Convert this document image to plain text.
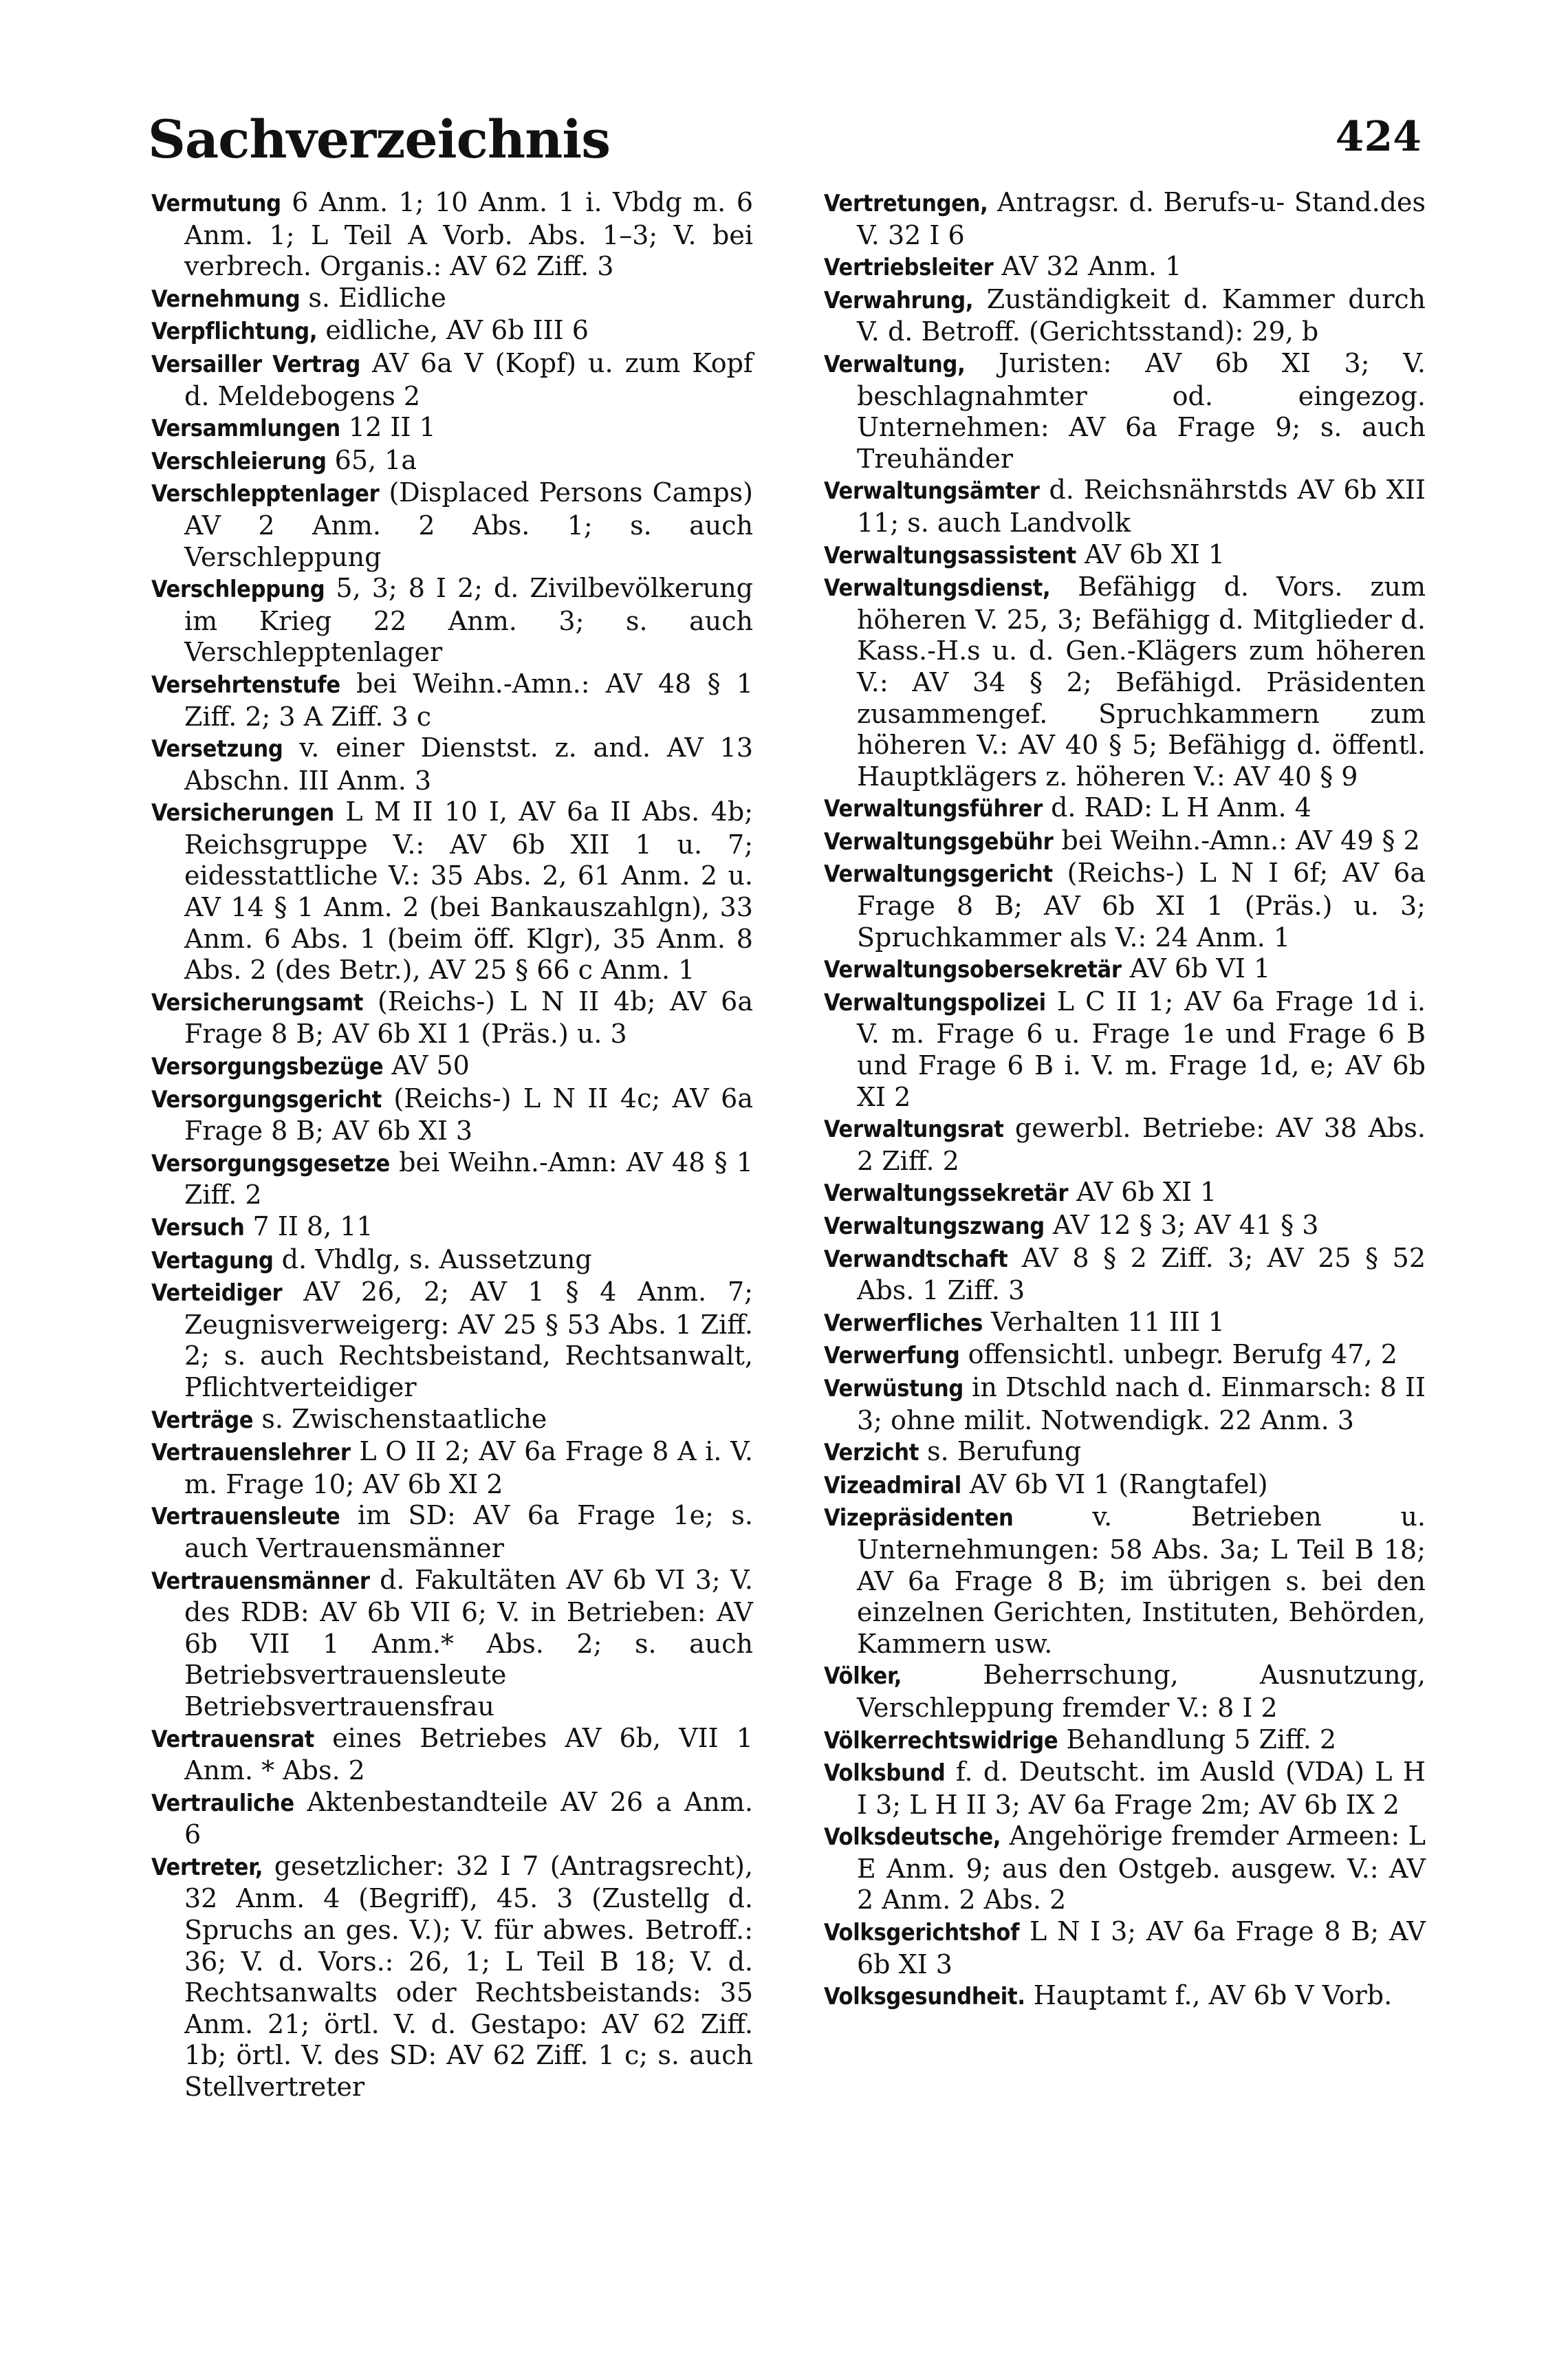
Sachverzeichnis	424

Vermutung 6 Anm. 1; 10 Anm. 1 i. Vbdg m. 6 Anm. 1; L Teil A Vorb. Abs. 1–3; V. bei verbrech. Organis.: AV 62 Ziff. 3

Vernehmung s. Eidliche

Verpflichtung, eidliche, AV 6b III 6

Versailler Vertrag AV 6a V (Kopf) u. zum Kopf d. Meldebogens 2

Versammlungen 12 II 1

Verschleierung 65, 1a

Verschlepptenlager (Displaced Persons Camps) AV 2 Anm. 2 Abs. 1; s. auch Verschleppung

Verschleppung 5, 3; 8 I 2; d. Zivilbevölkerung im Krieg 22 Anm. 3; s. auch Verschlepptenlager

Versehrtenstufe bei Weihn.-Amn.: AV 48 § 1 Ziff. 2; 3 A Ziff. 3 c

Versetzung v. einer Dienstst. z. and. AV 13 Abschn. III Anm. 3

Versicherungen L M II 10 I, AV 6a II Abs. 4b; Reichsgruppe V.: AV 6b XII 1 u. 7; eidesstattliche V.: 35 Abs. 2, 61 Anm. 2 u. AV 14 § 1 Anm. 2 (bei Bankauszahlgn), 33 Anm. 6 Abs. 1 (beim öff. Klgr), 35 Anm. 8 Abs. 2 (des Betr.), AV 25 § 66 c Anm. 1

Versicherungsamt (Reichs-) L N II 4b; AV 6a Frage 8 B; AV 6b XI 1 (Präs.) u. 3

Versorgungsbezüge AV 50

Versorgungsgericht (Reichs-) L N II 4c; AV 6a Frage 8 B; AV 6b XI 3

Versorgungsgesetze bei Weihn.-Amn: AV 48 § 1 Ziff. 2

Versuch 7 II 8, 11

Vertagung d. Vhdlg, s. Aussetzung

Verteidiger AV 26, 2; AV 1 § 4 Anm. 7; Zeugnisverweigerg: AV 25 § 53 Abs. 1 Ziff. 2; s. auch Rechtsbeistand, Rechtsanwalt, Pflichtverteidiger

Verträge s. Zwischenstaatliche

Vertrauenslehrer L O II 2; AV 6a Frage 8 A i. V. m. Frage 10; AV 6b XI 2

Vertrauensleute im SD: AV 6a Frage 1e; s. auch Vertrauensmänner

Vertrauensmänner d. Fakultäten AV 6b VI 3; V. des RDB: AV 6b VII 6; V. in Betrieben: AV 6b VII 1 Anm.* Abs. 2; s. auch Betriebsvertrauensleute Betriebsvertrauensfrau

Vertrauensrat eines Betriebes AV 6b, VII 1 Anm. * Abs. 2

Vertrauliche Aktenbestandteile AV 26 a Anm. 6

Vertreter, gesetzlicher: 32 I 7 (Antragsrecht), 32 Anm. 4 (Begriff), 45. 3 (Zustellg d. Spruchs an ges. V.); V. für abwes. Betroff.: 36; V. d. Vors.: 26, 1; L Teil B 18; V. d. Rechtsanwalts oder Rechtsbeistands: 35 Anm. 21; örtl. V. d. Gestapo: AV 62 Ziff. 1b; örtl. V. des SD: AV 62 Ziff. 1 c; s. auch Stellvertreter

Vertretungen, Antragsr. d. Berufs-u- Stand.des V. 32 I 6

Vertriebsleiter AV 32 Anm. 1

Verwahrung, Zuständigkeit d. Kammer durch V. d. Betroff. (Gerichtsstand): 29, b

Verwaltung, Juristen: AV 6b XI 3; V. beschlagnahmter od. eingezog. Unternehmen: AV 6a Frage 9; s. auch Treuhänder

Verwaltungsämter d. Reichsnährstds AV 6b XII 11; s. auch Landvolk

Verwaltungsassistent AV 6b XI 1

Verwaltungsdienst, Befähigg d. Vors. zum höheren V. 25, 3; Befähigg d. Mitglieder d. Kass.-H.s u. d. Gen.-Klägers zum höheren V.: AV 34 § 2; Befähigd. Präsidenten zusammengef. Spruchkammern zum höheren V.: AV 40 § 5; Befähigg d. öffentl. Hauptklägers z. höheren V.: AV 40 § 9

Verwaltungsführer d. RAD: L H Anm. 4

Verwaltungsgebühr bei Weihn.-Amn.: AV 49 § 2

Verwaltungsgericht (Reichs-) L N I 6f; AV 6a Frage 8 B; AV 6b XI 1 (Präs.) u. 3; Spruchkammer als V.: 24 Anm. 1

Verwaltungsobersekretär AV 6b VI 1

Verwaltungspolizei L C II 1; AV 6a Frage 1d i. V. m. Frage 6 u. Frage 1e und Frage 6 B und Frage 6 B i. V. m. Frage 1d, e; AV 6b XI 2

Verwaltungsrat gewerbl. Betriebe: AV 38 Abs. 2 Ziff. 2

Verwaltungssekretär AV 6b XI 1

Verwaltungszwang AV 12 § 3; AV 41 § 3

Verwandtschaft AV 8 § 2 Ziff. 3; AV 25 § 52 Abs. 1 Ziff. 3

Verwerfliches Verhalten 11 III 1

Verwerfung offensichtl. unbegr. Berufg 47, 2

Verwüstung in Dtschld nach d. Einmarsch: 8 II 3; ohne milit. Notwendigk. 22 Anm. 3

Verzicht s. Berufung

Vizeadmiral AV 6b VI 1 (Rangtafel)

Vizepräsidenten v. Betrieben u. Unternehmungen: 58 Abs. 3a; L Teil B 18; AV 6a Frage 8 B; im übrigen s. bei den einzelnen Gerichten, Instituten, Behörden, Kammern usw.

Völker, Beherrschung, Ausnutzung, Verschleppung fremder V.: 8 I 2

Völkerrechtswidrige Behandlung 5 Ziff. 2

Volksbund f. d. Deutscht. im Ausld (VDA) L H I 3; L H II 3; AV 6a Frage 2m; AV 6b IX 2

Volksdeutsche, Angehörige fremder Armeen: L E Anm. 9; aus den Ostgeb. ausgew. V.: AV 2 Anm. 2 Abs. 2

Volksgerichtshof L N I 3; AV 6a Frage 8 B; AV 6b XI 3

Volksgesundheit. Hauptamt f., AV 6b V Vorb.
